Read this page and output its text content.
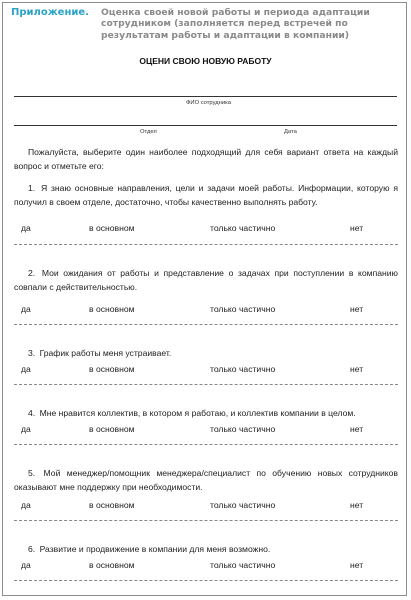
Приложение. Оценка своей новой работы и периода адаптации сотрудником (заполняется перед встречей по результатам работы и адаптации в компании)
ОЦЕНИ СВОЮ НОВУЮ РАБОТУ
ФИО сотрудника
Отдел	Дата
Пожалуйста, выберите один наиболее подходящий для себя вариант ответа на каждый вопрос и отметьте его:
1. Я знаю основные направления, цели и задачи моей работы. Информации, которую я получил в своем отделе, достаточно, чтобы качественно выполнять работу.
да	в основном	только частично	нет
2. Мои ожидания от работы и представление о задачах при поступлении в компанию совпали с действительностью.
да	в основном	только частично	нет
3. График работы меня устраивает.
да	в основном	только частично	нет
4. Мне нравится коллектив, в котором я работаю, и коллектив компании в целом.
да	в основном	только частично	нет
5. Мой менеджер/помощник менеджера/специалист по обучению новых сотрудников оказывают мне поддержку при необходимости.
да	в основном	только частично	нет
6. Развитие и продвижение в компании для меня возможно.
да	в основном	только частично	нет
